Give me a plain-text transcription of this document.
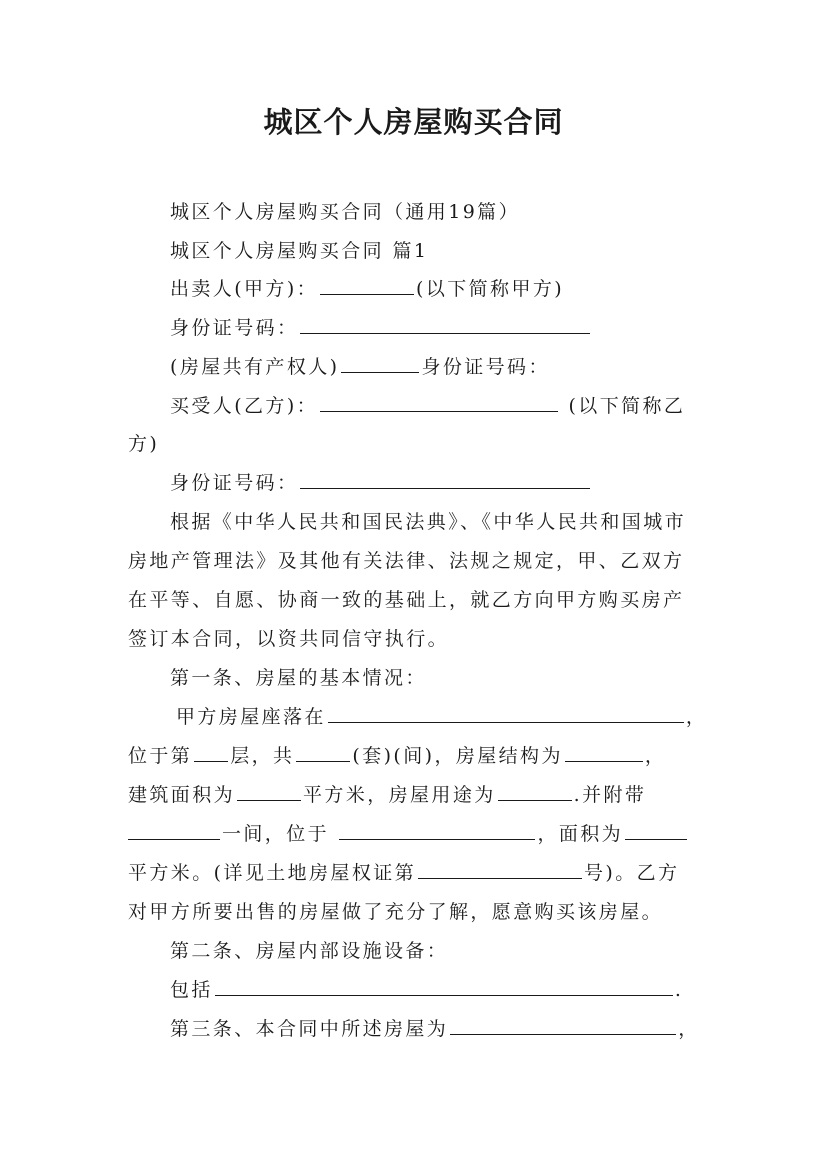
城区个人房屋购买合同
城区个人房屋购买合同（通用19篇）
城区个人房屋购买合同 篇1
出卖人(甲方)：	(以下简称甲方)
身份证号码：
(房屋共有产权人)	身份证号码：
买受人(乙方)：	(以下简称乙
方)
身份证号码：
根据《中华人民共和国民法典》、《中华人民共和国城市
房地产管理法》及其他有关法律、法规之规定，甲、乙双方
在平等、自愿、协商一致的基础上，就乙方向甲方购买房产
签订本合同，以资共同信守执行。
第一条、房屋的基本情况：
甲方房屋座落在	，
位于第 层，共	(套)(间)，房屋结构为	，
建筑面积为	平方米，房屋用途为	.并附带
一间，位于	，面积为
平方米。(详见土地房屋权证第	号)。乙方
对甲方所要出售的房屋做了充分了解，愿意购买该房屋。
第二条、房屋内部设施设备：
包括	.
第三条、本合同中所述房屋为	，
